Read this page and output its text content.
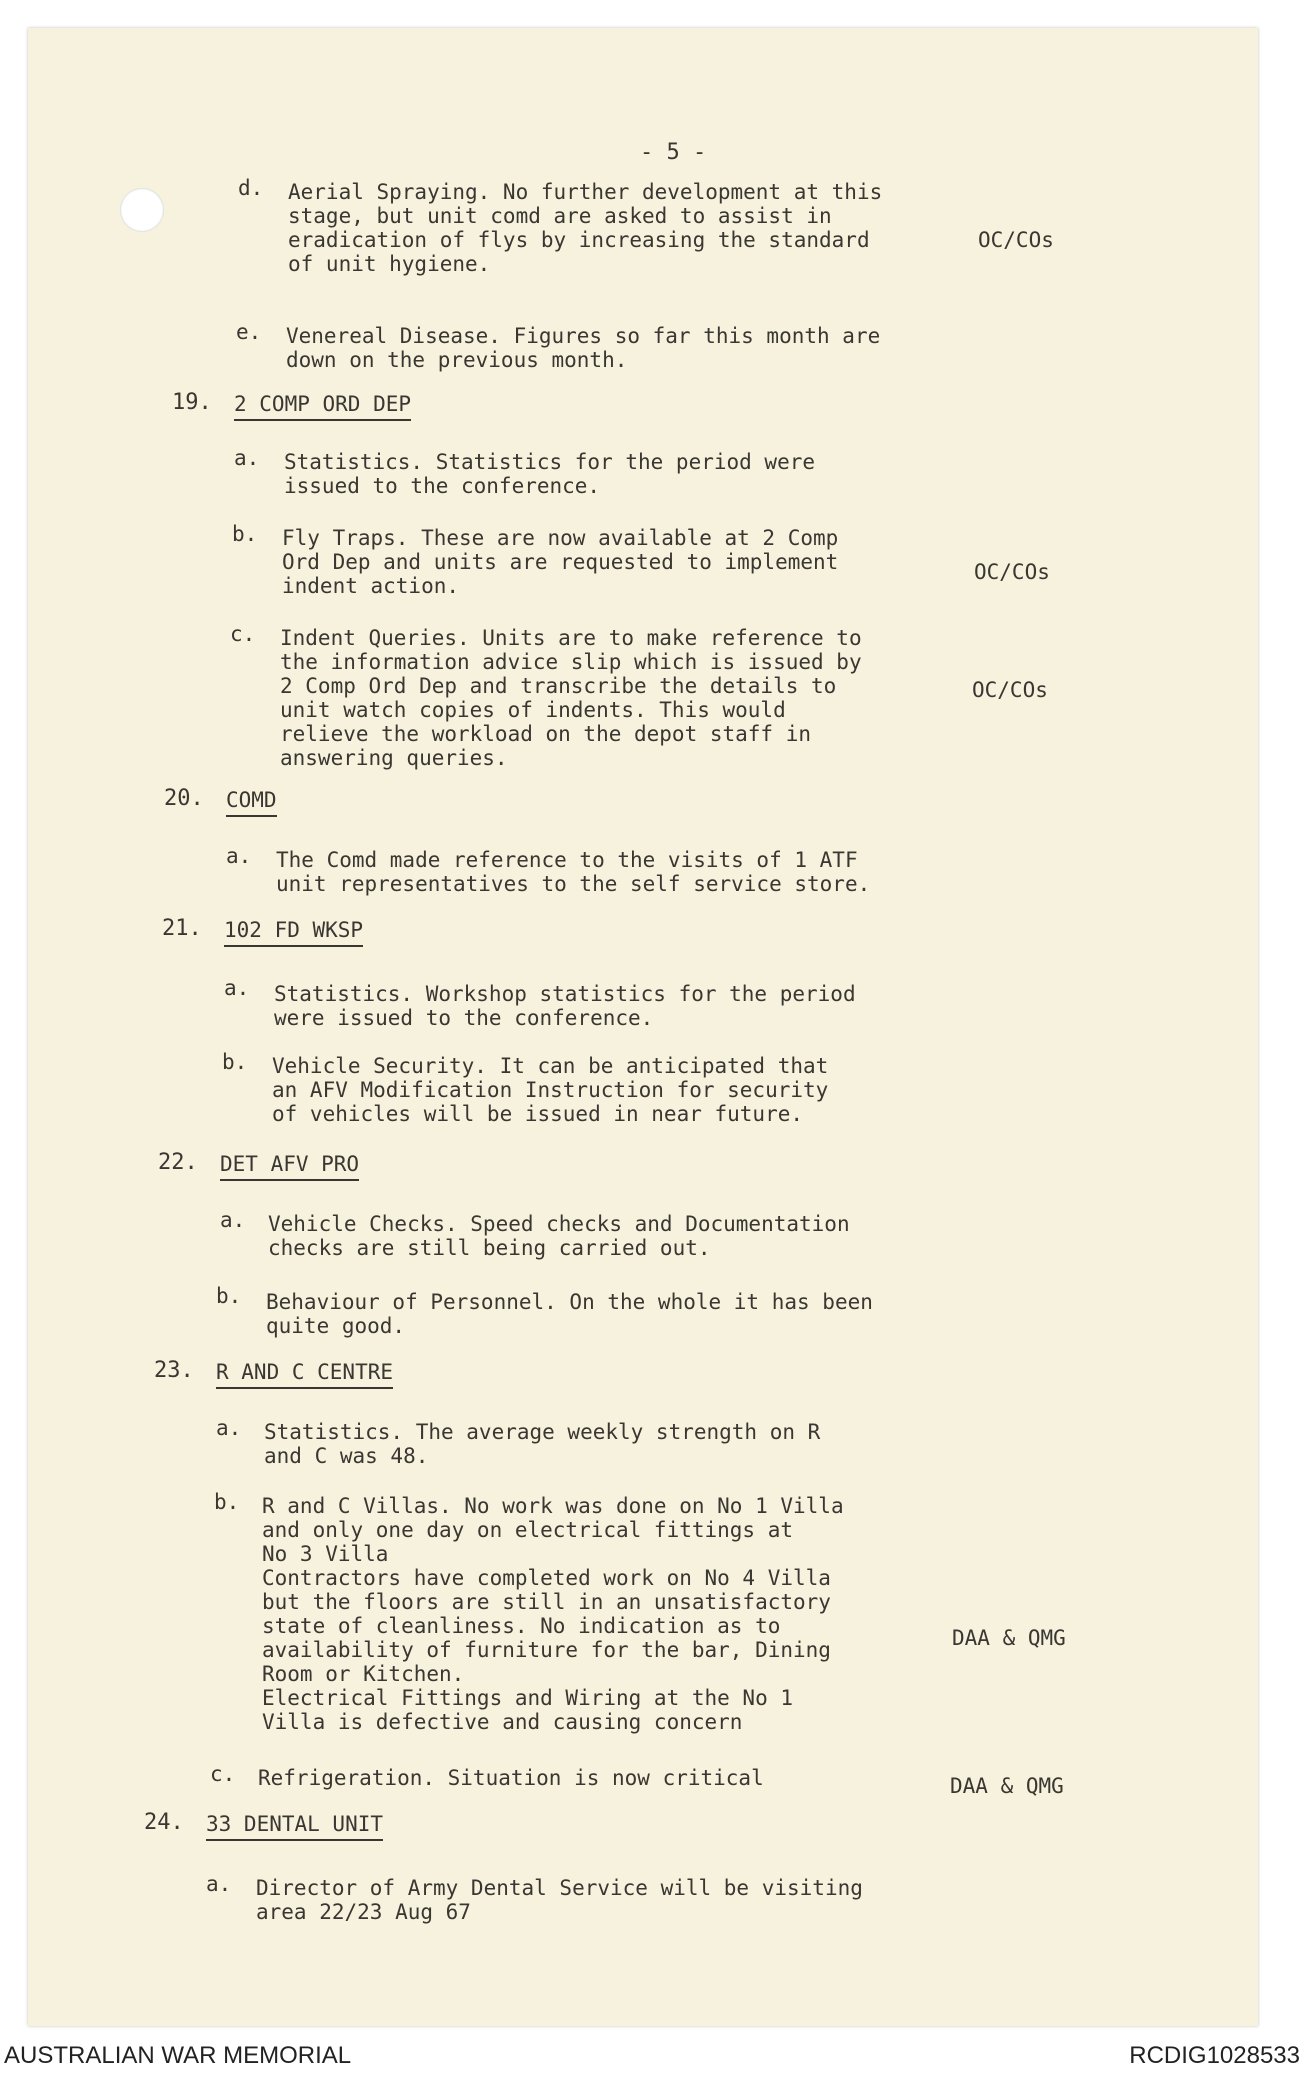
- 5 -
d. Aerial Spraying. No further development at this
stage, but unit comd are asked to assist in
eradication of flys by increasing the standard
of unit hygiene.
OC/COs
e. Venereal Disease. Figures so far this month are
down on the previous month.
19. 2 COMP ORD DEP
a. Statistics. Statistics for the period were
issued to the conference.
b. Fly Traps. These are now available at 2 Comp
Ord Dep and units are requested to implement
indent action.
OC/COs
c. Indent Queries. Units are to make reference to
the information advice slip which is issued by
2 Comp Ord Dep and transcribe the details to
unit watch copies of indents. This would
relieve the workload on the depot staff in
answering queries.
OC/COs
20. COMD
a. The Comd made reference to the visits of 1 ATF
unit representatives to the self service store.
21. 102 FD WKSP
a. Statistics. Workshop statistics for the period
were issued to the conference.
b. Vehicle Security. It can be anticipated that
an AFV Modification Instruction for security
of vehicles will be issued in near future.
22. DET AFV PRO
a. Vehicle Checks. Speed checks and Documentation
checks are still being carried out.
b. Behaviour of Personnel. On the whole it has been
quite good.
23. R AND C CENTRE
a. Statistics. The average weekly strength on R
and C was 48.
b. R and C Villas. No work was done on No 1 Villa
and only one day on electrical fittings at
No 3 Villa
Contractors have completed work on No 4 Villa
but the floors are still in an unsatisfactory
state of cleanliness. No indication as to
availability of furniture for the bar, Dining
Room or Kitchen.
Electrical Fittings and Wiring at the No 1
Villa is defective and causing concern
DAA & QMG
c. Refrigeration. Situation is now critical	DAA & QMG
24. 33 DENTAL UNIT
a. Director of Army Dental Service will be visiting
area 22/23 Aug 67
AUSTRALIAN WAR MEMORIAL	RCDIG1028533
